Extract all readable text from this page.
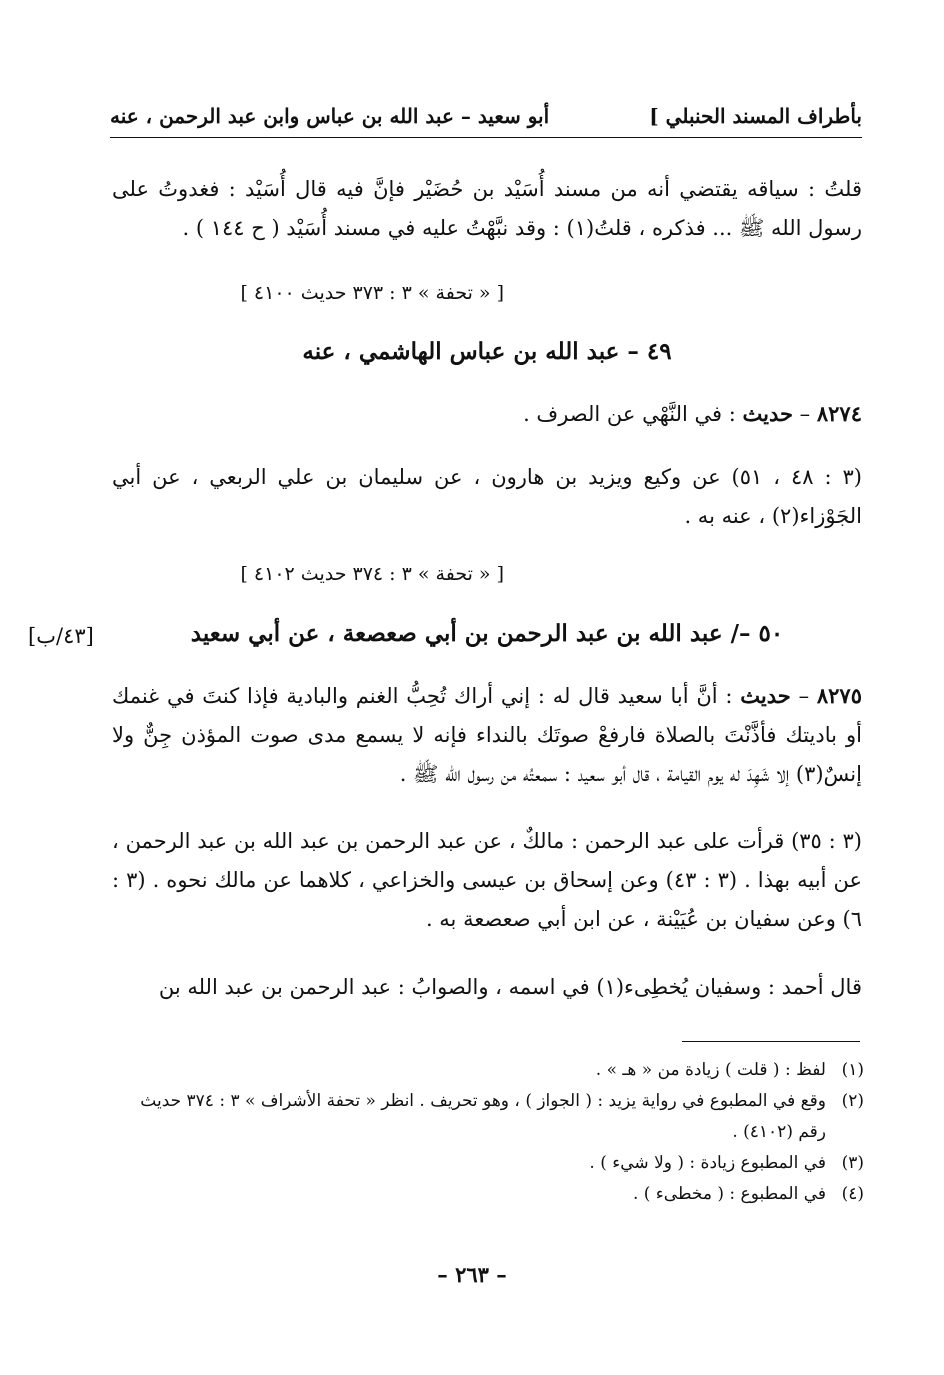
بأطراف المسند الحنبلي ]
أبو سعيد – عبد الله بن عباس وابن عبد الرحمن ، عنه
قلتُ : سياقه يقتضي أنه من مسند أُسَيْد بن حُضَيْر فإنَّ فيه قال أُسَيْد : فغدوتُ على رسول الله ﷺ ... فذكره ، قلتُ(١) : وقد نبَّهْتُ عليه في مسند أُسَيْد ( ح ١٤٤ ) .
[ « تحفة » ٣ : ٣٧٣ حديث ٤١٠٠ ]
٤٩ – عبد الله بن عباس الهاشمي ، عنه
٨٢٧٤ – حديث : في النَّهْي عن الصرف .
(٣ : ٤٨ ، ٥١) عن وكيع ويزيد بن هارون ، عن سليمان بن علي الربعي ، عن أبي الجَوْزاء(٢) ، عنه به .
[ « تحفة » ٣ : ٣٧٤ حديث ٤١٠٢ ]
٥٠ –/ عبد الله بن عبد الرحمن بن أبي صعصعة ، عن أبي سعيد
[٤٣/ب]
٨٢٧٥ – حديث : أنَّ أبا سعيد قال له : إني أراك تُحِبُّ الغنم والبادية فإذا كنتَ في غنمك أو باديتك فأذَّنْتَ بالصلاة فارفعْ صوتَك بالنداء فإنه لا يسمع مدى صوت المؤذن جِنٌّ ولا إنسٌ(٣) إلا شَهِدَ له يوم القيامة ، قال أبو سعيد : سمعتُه من رسول الله ﷺ .
(٣ : ٣٥) قرأت على عبد الرحمن : مالكٌ ، عن عبد الرحمن بن عبد الله بن عبد الرحمن ، عن أبيه بهذا . (٣ : ٤٣) وعن إسحاق بن عيسى والخزاعي ، كلاهما عن مالك نحوه . (٣ : ٦) وعن سفيان بن عُيَيْنة ، عن ابن أبي صعصعة به .
قال أحمد : وسفيان يُخطِىء(١) في اسمه ، والصوابُ : عبد الرحمن بن عبد الله بن
(١)
لفظ : ( قلت ) زيادة من « هـ » .
(٢)
وقع في المطبوع في رواية يزيد : ( الجواز ) ، وهو تحريف . انظر « تحفة الأشراف » ٣ : ٣٧٤ حديث رقم (٤١٠٢) .
(٣)
في المطبوع زيادة : ( ولا شيء ) .
(٤)
في المطبوع : ( مخطىء ) .
– ٢٦٣ –
